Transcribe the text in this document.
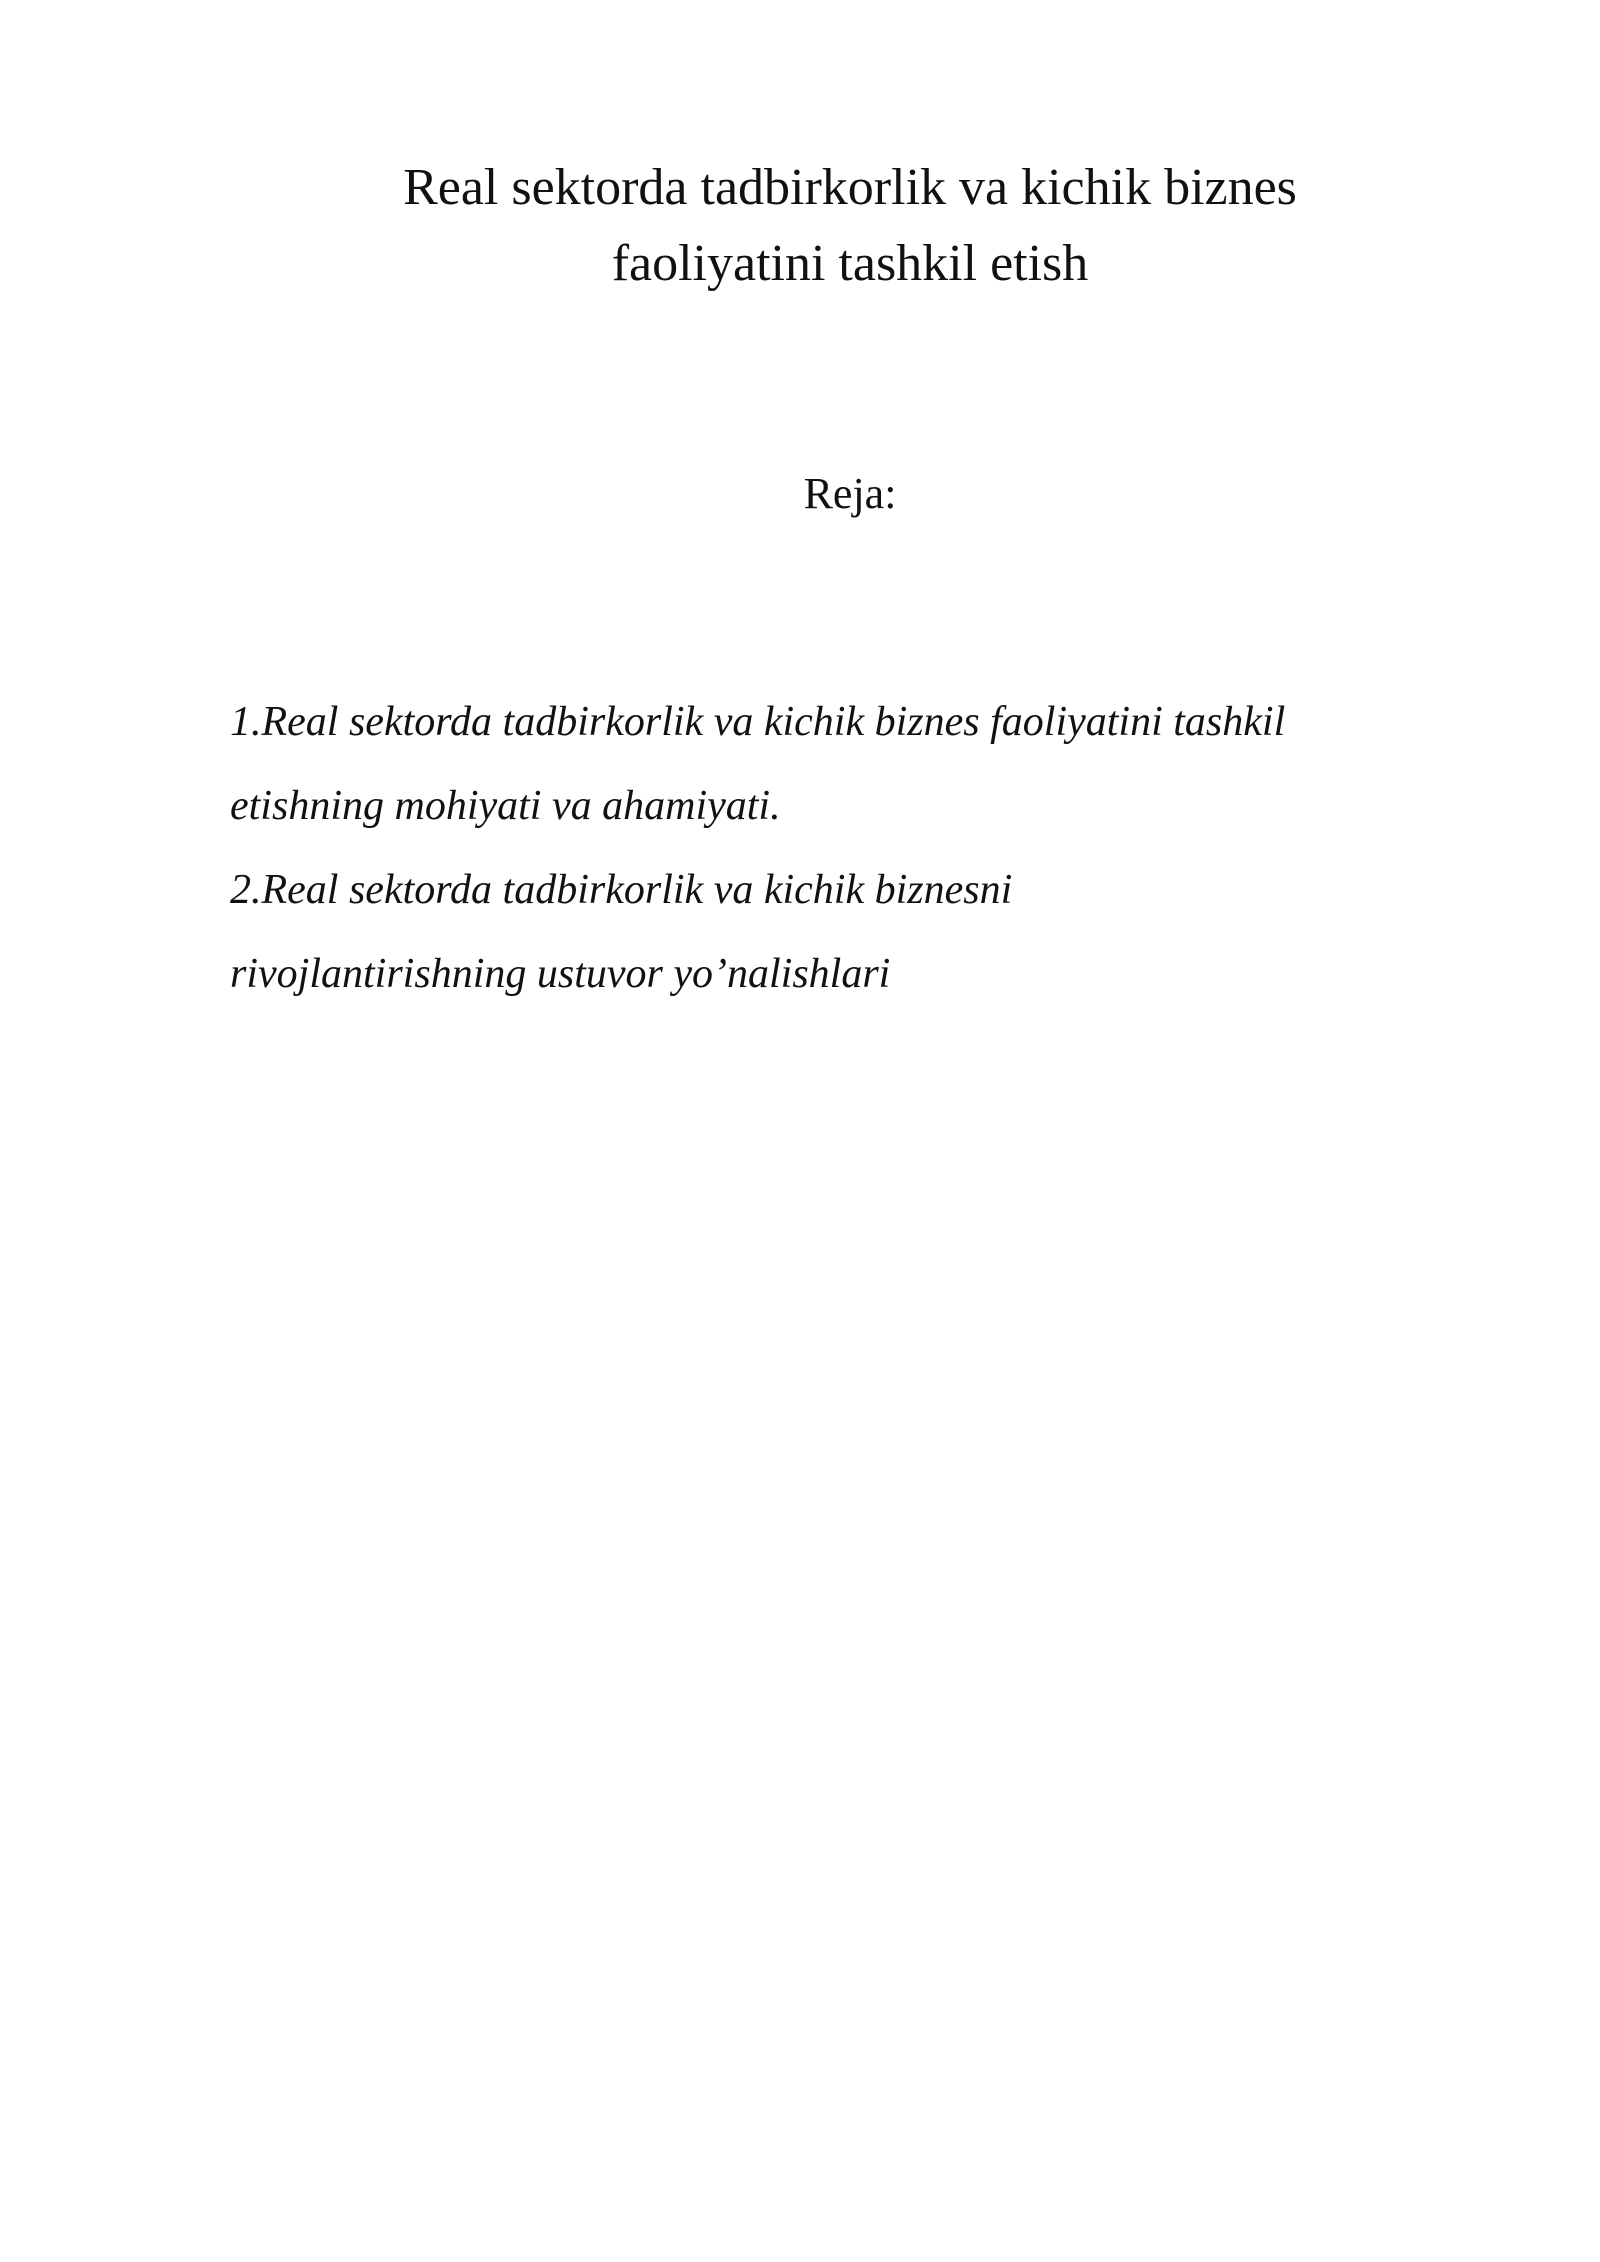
Real sektorda tadbirkorlik va kichik biznes
faoliyatini tashkil etish
Reja:
1.Real sektorda tadbirkorlik va kichik biznes faoliyatini tashkil
etishning mohiyati va ahamiyati.
2.Real sektorda tadbirkorlik va kichik biznesni
rivojlantirishning ustuvor yo’nalishlari
